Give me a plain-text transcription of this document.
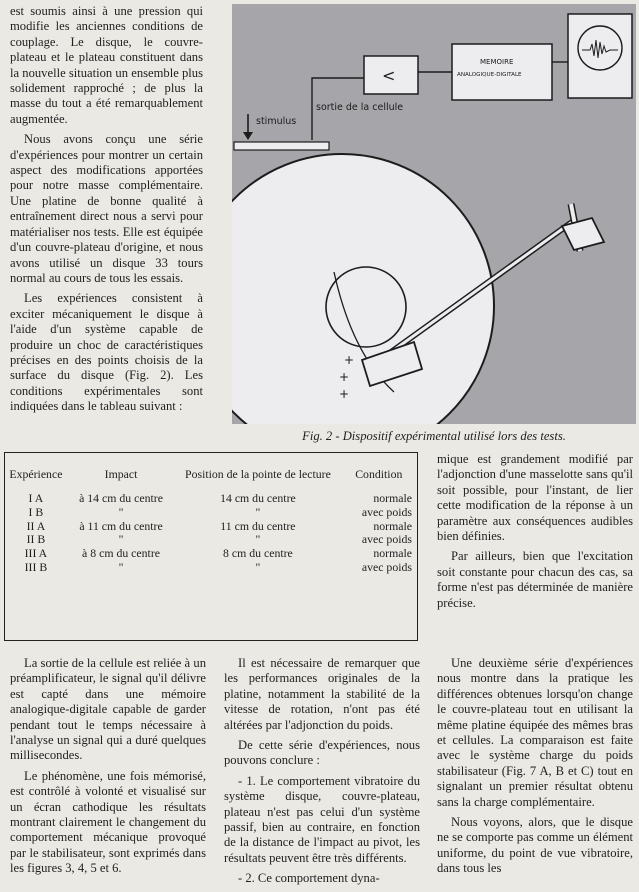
est soumis ainsi à une pression qui modifie les anciennes conditions de couplage. Le disque, le couvre-plateau et le plateau constituent dans la nouvelle situation un ensemble plus solidement rapproché ; de plus la masse du tout a été remarquablement augmentée.

Nous avons conçu une série d'expériences pour montrer un certain aspect des modifications apportées pour notre masse complémentaire. Une platine de bonne qualité à entraînement direct nous a servi pour matérialiser nos tests. Elle est équipée d'un couvre-plateau d'origine, et nous avons utilisé un disque 33 tours normal au cours de tous les essais.

Les expériences consistent à exciter mécaniquement le disque à l'aide d'un système capable de produire un choc de caractéristiques précises en des points choisis de la surface du disque (Fig. 2). Les conditions expérimentales sont indiquées dans le tableau suivant :

+
+
+
stimulus
sortie de la cellule
<
MEMOIRE
ANALOGIQUE-DIGITALE
Fig. 2 - Dispositif expérimental utilisé lors des tests.
Expérience	Impact	Position de la pointe de lecture	Condition
I A	à 14 cm du centre	14 cm du centre	normale
I B	"	"	avec poids
II A	à 11 cm du centre	11 cm du centre	normale
II B	"	"	avec poids
III A	à 8 cm du centre	8 cm du centre	normale
III B	"	"	avec poids

mique est grandement modifié par l'adjonction d'une masselotte sans qu'il soit possible, pour l'instant, de lier cette modification de la réponse à un paramètre aux conséquences audibles bien définies.

Par ailleurs, bien que l'excitation soit constante pour chacun des cas, sa forme n'est pas déterminée de manière précise.

La sortie de la cellule est reliée à un préamplificateur, le signal qu'il délivre est capté dans une mémoire analogique-digitale capable de garder pendant tout le temps nécessaire à l'analyse un signal qui a duré quelques millisecondes.

Le phénomène, une fois mémorisé, est contrôlé à volonté et visualisé sur un écran cathodique les résultats montrant clairement le changement du comportement mécanique provoqué par le stabilisateur, sont exprimés dans les figures 3, 4, 5 et 6.

Il est nécessaire de remarquer que les performances originales de la platine, notamment la stabilité de la vitesse de rotation, n'ont pas été altérées par l'adjonction du poids.

De cette série d'expériences, nous pouvons conclure :

- 1. Le comportement vibratoire du système disque, couvre-plateau, plateau n'est pas celui d'un système passif, bien au contraire, en fonction de la distance de l'impact au pivot, les résultats peuvent être très différents.

- 2. Ce comportement dyna-

Une deuxième série d'expériences nous montre dans la pratique les différences obtenues lorsqu'on change le couvre-plateau tout en utilisant la même platine équipée des mêmes bras et cellules. La comparaison est faite avec le système charge du poids stabilisateur (Fig. 7 A, B et C) tout en signalant un premier résultat obtenu sans la charge complémentaire.

Nous voyons, alors, que le disque ne se comporte pas comme un élément uniforme, du point de vue vibratoire, dans tous les
